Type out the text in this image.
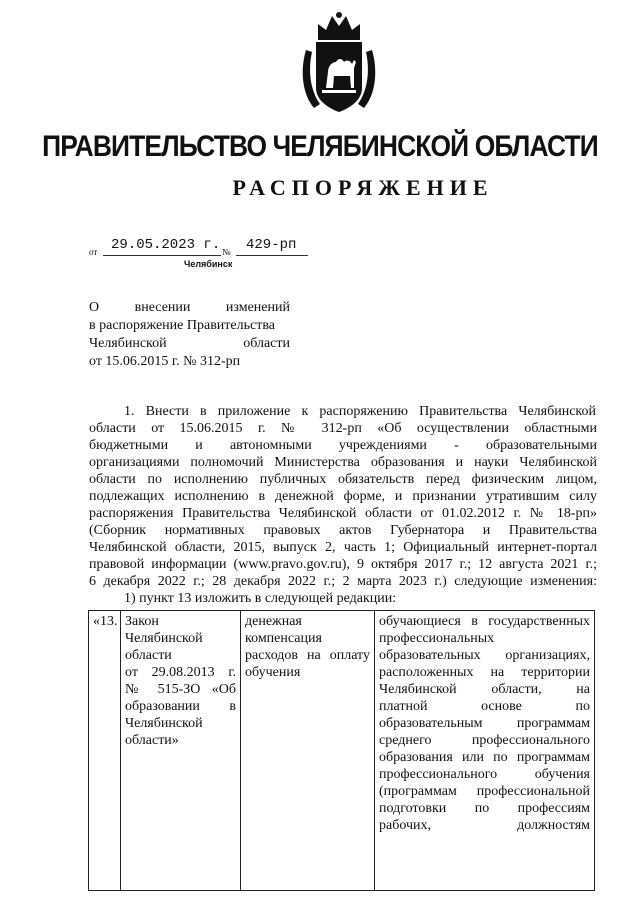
ПРАВИТЕЛЬСТВО ЧЕЛЯБИНСКОЙ ОБЛАСТИ
РАСПОРЯЖЕНИЕ
от 29.05.2023 г. № 429-рп
Челябинск
О внесении изменений
в распоряжение Правительства
Челябинской области
от 15.06.2015 г. № 312-рп
1. Внести в приложение к распоряжению Правительства Челябинской
области от 15.06.2015 г. № 312-рп «Об осуществлении областными
бюджетными и автономными учреждениями - образовательными
организациями полномочий Министерства образования и науки Челябинской
области по исполнению публичных обязательств перед физическим лицом,
подлежащих исполнению в денежной форме, и признании утратившим силу
распоряжения Правительства Челябинской области от 01.02.2012 г. № 18-рп»
(Сборник нормативных правовых актов Губернатора и Правительства
Челябинской области, 2015, выпуск 2, часть 1; Официальный интернет-портал
правовой информации (www.pravo.gov.ru), 9 октября 2017 г.; 12 августа 2021 г.;
6 декабря 2022 г.; 28 декабря 2022 г.; 2 марта 2023 г.) следующие изменения:
1) пункт 13 изложить в следующей редакции:
«13.	Закон
Челябинской
области
от 29.08.2013 г.
№ 515-ЗО «Об
образовании в
Челябинской
области»

денежная
компенсация
расходов на оплату
обучения

обучающиеся в государственных
профессиональных
образовательных организациях,
расположенных на территории
Челябинской области, на
платной основе по
образовательным программам
среднего профессионального
образования или по программам
профессионального обучения
(программам профессиональной
подготовки по профессиям
рабочих, должностям
